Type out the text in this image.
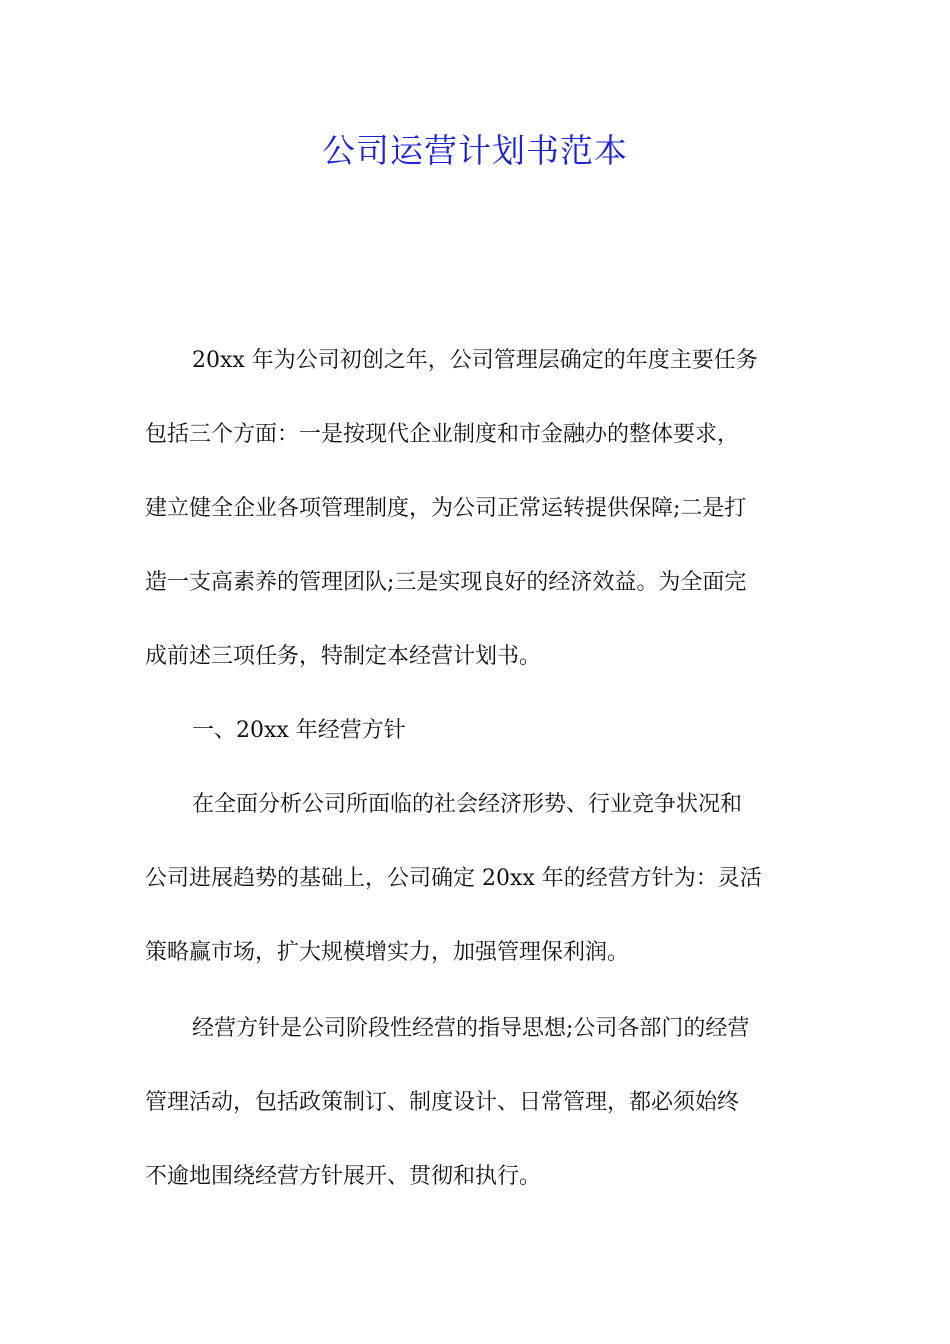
公司运营计划书范本

20xx 年为公司初创之年，公司管理层确定的年度主要任务

包括三个方面：一是按现代企业制度和市金融办的整体要求，

建立健全企业各项管理制度，为公司正常运转提供保障;二是打

造一支高素养的管理团队;三是实现良好的经济效益。为全面完

成前述三项任务，特制定本经营计划书。

一、20xx 年经营方针

在全面分析公司所面临的社会经济形势、行业竞争状况和

公司进展趋势的基础上，公司确定 20xx 年的经营方针为：灵活

策略赢市场，扩大规模增实力，加强管理保利润。

经营方针是公司阶段性经营的指导思想;公司各部门的经营

管理活动，包括政策制订、制度设计、日常管理，都必须始终

不逾地围绕经营方针展开、贯彻和执行。
